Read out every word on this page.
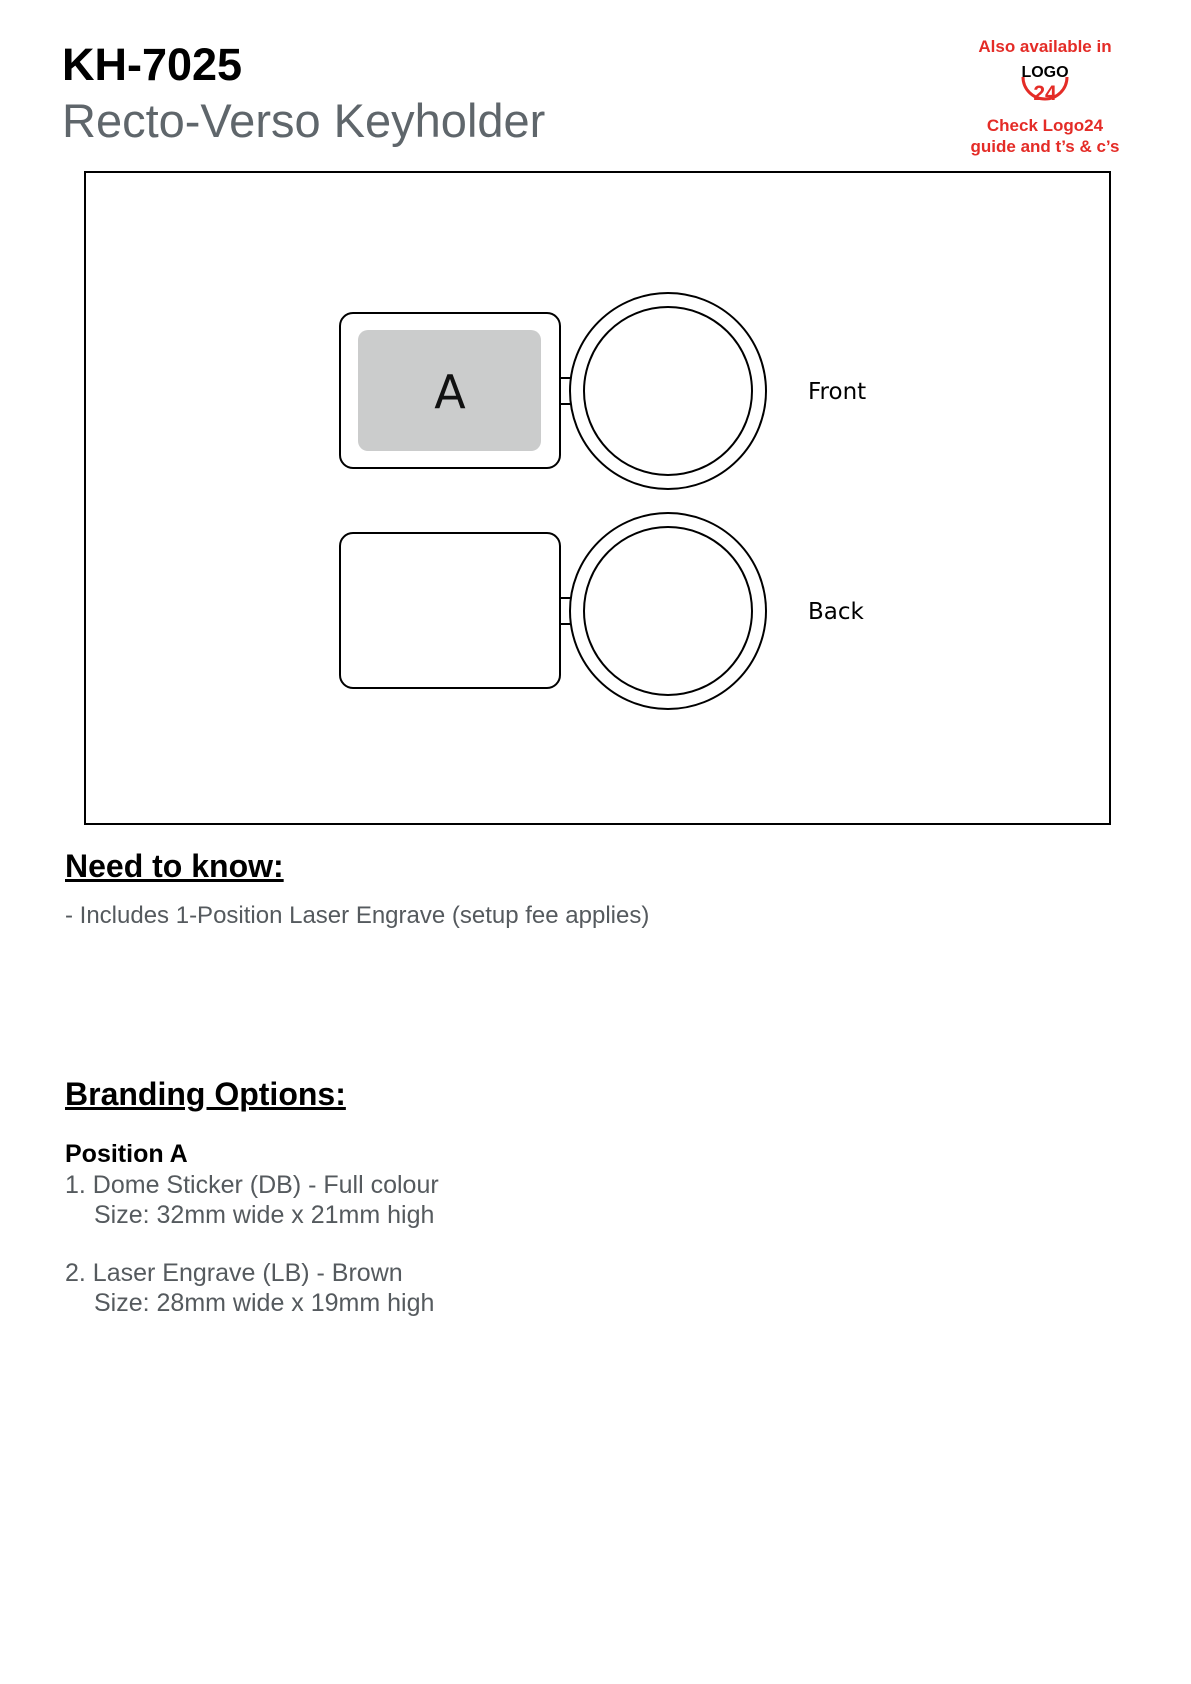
KH-7025
Recto-Verso Keyholder
Also available in
LOGO
24
Check Logo24
guide and t’s & c’s
A	Front
Back
Need to know:
- Includes 1-Position Laser Engrave (setup fee applies)
Branding Options:
Position A
1. Dome Sticker (DB) - Full colour
Size: 32mm wide x 21mm high
2. Laser Engrave (LB) - Brown
Size: 28mm wide x 19mm high
